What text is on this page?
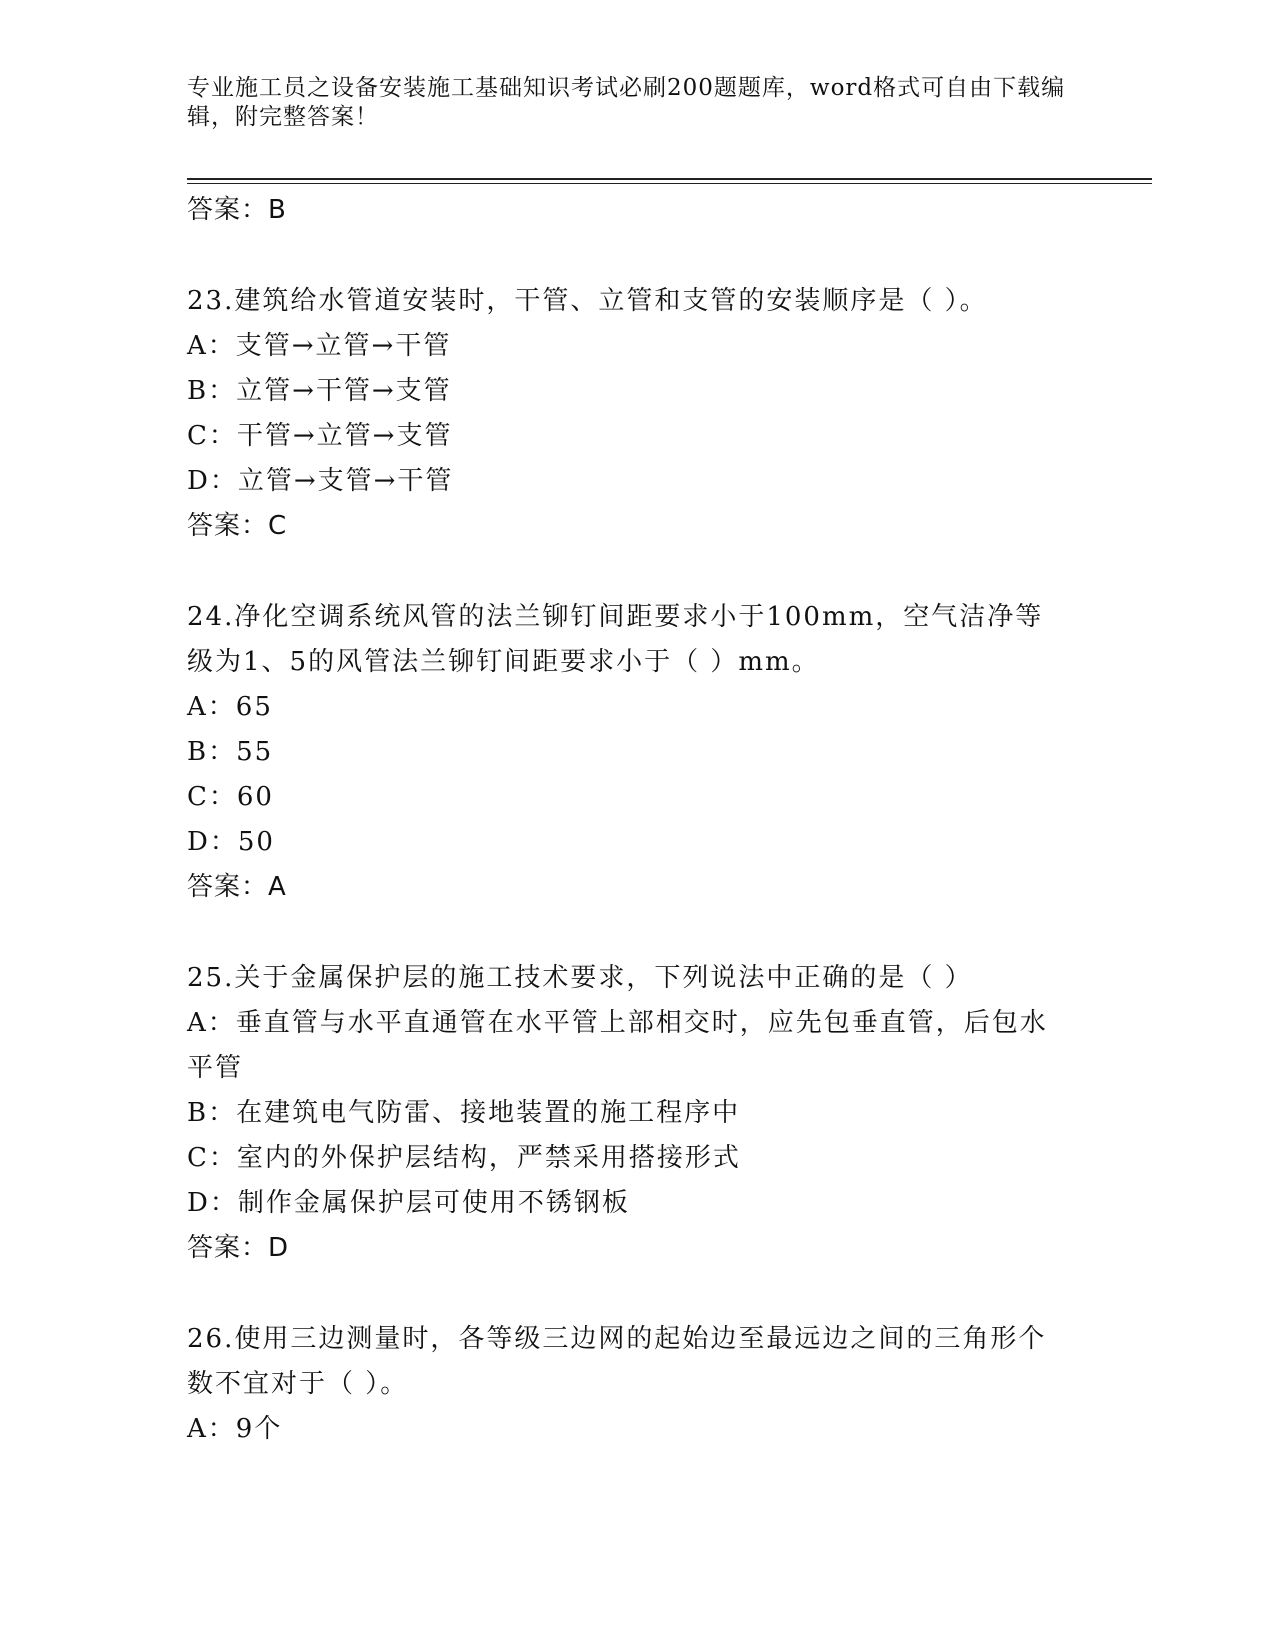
专业施工员之设备安装施工基础知识考试必刷200题题库，word格式可自由下载编辑，附完整答案！
答案：B
23.建筑给水管道安装时，干管、立管和支管的安装顺序是（ ）。
A：支管→立管→干管
B：立管→干管→支管
C：干管→立管→支管
D：立管→支管→干管
答案：C
24.净化空调系统风管的法兰铆钉间距要求小于100mm，空气洁净等级为1、5的风管法兰铆钉间距要求小于（ ）mm。
A：65
B：55
C：60
D：50
答案：A
25.关于金属保护层的施工技术要求，下列说法中正确的是（ ）
A：垂直管与水平直通管在水平管上部相交时，应先包垂直管，后包水平管
B：在建筑电气防雷、接地装置的施工程序中
C：室内的外保护层结构，严禁采用搭接形式
D：制作金属保护层可使用不锈钢板
答案：D
26.使用三边测量时，各等级三边网的起始边至最远边之间的三角形个数不宜对于（ ）。
A：9个
